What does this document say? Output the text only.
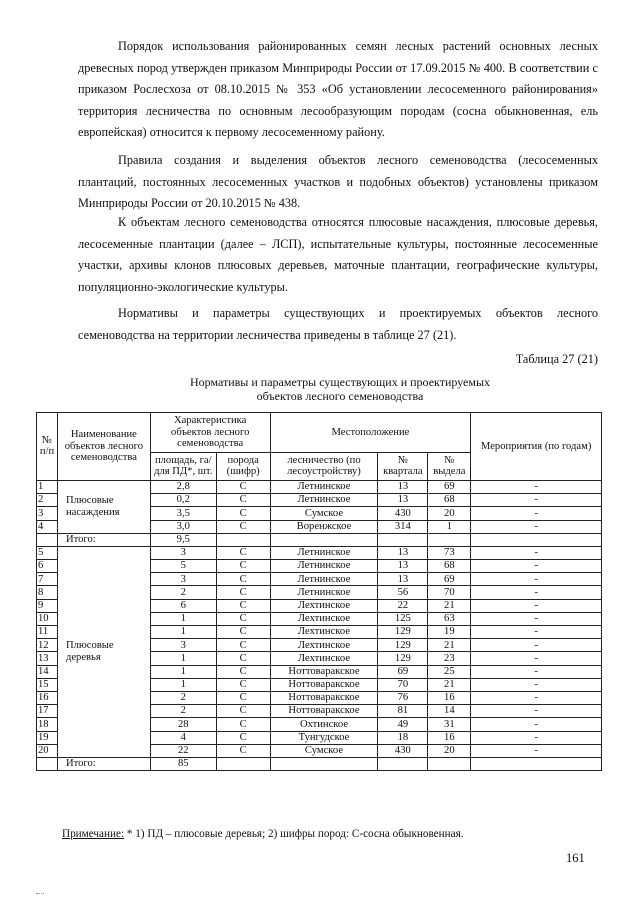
Порядок использования районированных семян лесных растений основных лесных древесных пород утвержден приказом Минприроды России от 17.09.2015 № 400. В соответствии с приказом Рослесхоза от 08.10.2015 № 353 «Об установлении лесосеменного районирования» территория лесничества по основным лесообразующим породам (сосна обыкновенная, ель европейская) относится к первому лесосеменному району.

Правила создания и выделения объектов лесного семеноводства (лесосеменных плантаций, постоянных лесосеменных участков и подобных объектов) установлены приказом Минприроды России от 20.10.2015 № 438.

К объектам лесного семеноводства относятся плюсовые насаждения, плюсовые деревья, лесосеменные плантации (далее – ЛСП), испытательные культуры, постоянные лесосеменные участки, архивы клонов плюсовых деревьев, маточные плантации, географические культуры, популяционно-экологические культуры.

Нормативы и параметры существующих и проектируемых объектов лесного семеноводства на территории лесничества приведены в таблице 27 (21).

Таблица 27 (21)
Нормативы и параметры существующих и проектируемых
объектов лесного семеноводства
№ п/п	Наименование объектов лесного семеноводства	Характеристика объектов лесного семеноводства		Местоположение			Мероприятия (по годам)
		площадь, га/ для ПД*, шт.	порода (шифр)	лесничество (по лесоустройству)	№ квартала	№ выдела	
1	Плюсовые насаждения	2,8	С	Летнинское	13	69	-
2		0,2	С	Летнинское	13	68	-
3		3,5	С	Сумское	430	20	-
4		3,0	С	Воренжское	314	1	-
	Итого:	9,5					
5	Плюсовые деревья	3	С	Летнинское	13	73	-
6		5	С	Летнинское	13	68	-
7		3	С	Летнинское	13	69	-
8		2	С	Летнинское	56	70	-
9		6	С	Лехтинское	22	21	-
10		1	С	Лехтинское	125	63	-
11		1	С	Лехтинское	129	19	-
12		3	С	Лехтинское	129	21	-
13		1	С	Лехтинское	129	23	-
14		1	С	Ноттоваракское	69	25	-
15		1	С	Ноттоваракское	70	21	-
16		2	С	Ноттоваракское	76	16	-
17		2	С	Ноттоваракское	81	14	-
18		28	С	Охтинское	49	31	-
19		4	С	Тунгудское	18	16	-
20		22	С	Сумское	430	20	-
	Итого:	85					
Примечание: * 1) ПД – плюсовые деревья; 2) шифры пород: С-сосна обыкновенная.
161
